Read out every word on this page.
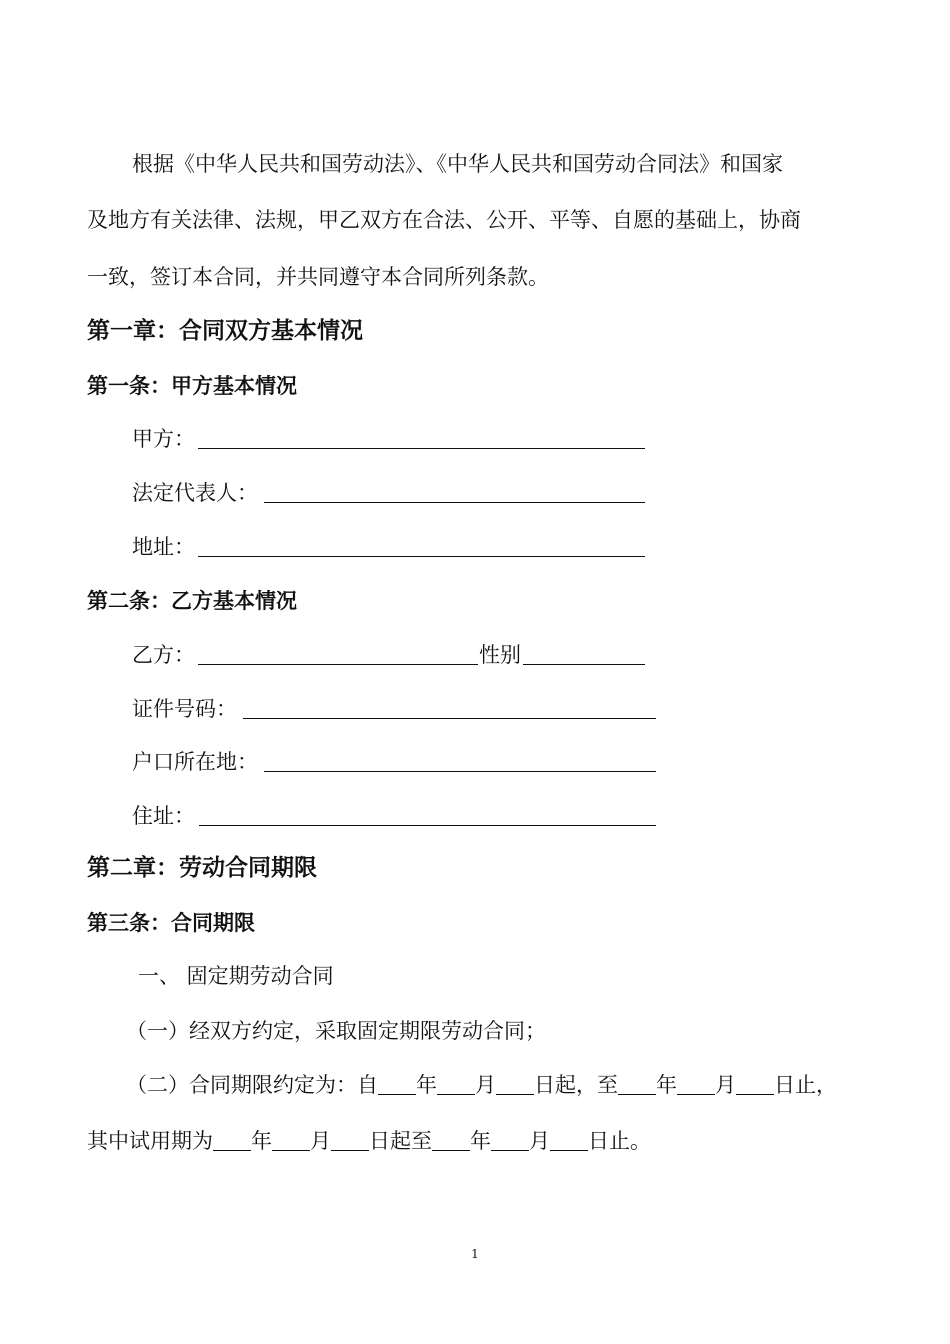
根据《中华人民共和国劳动法》、《中华人民共和国劳动合同法》和国家
及地方有关法律、法规，甲乙双方在合法、公开、平等、自愿的基础上，协商
一致，签订本合同，并共同遵守本合同所列条款。
第一章：合同双方基本情况
第一条：甲方基本情况
甲方：
法定代表人：
地址：
第二条：乙方基本情况
乙方：	性别
证件号码：
户口所在地：
住址：
第二章：劳动合同期限
第三条：合同期限
一、 固定期劳动合同
（一）经双方约定，采取固定期限劳动合同；
（二）合同期限约定为：自 年 月 日起，至 年 月 日止，
其中试用期为 年 月 日起至 年 月 日止。
1
